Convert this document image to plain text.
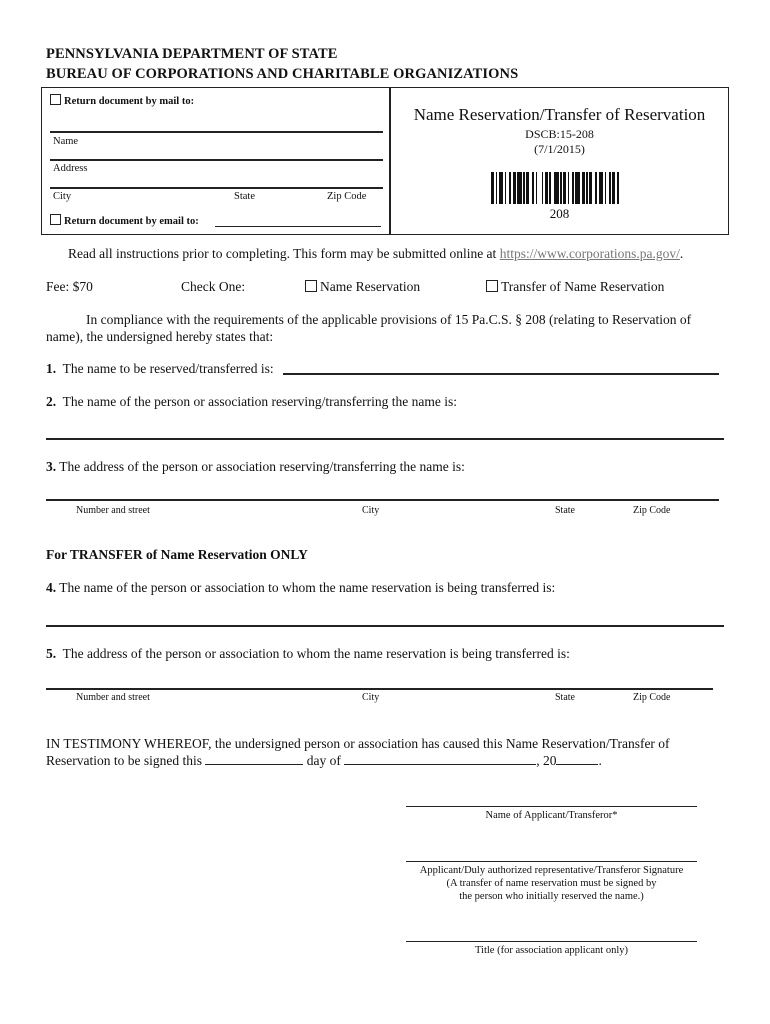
PENNSYLVANIA DEPARTMENT OF STATE
BUREAU OF CORPORATIONS AND CHARITABLE ORGANIZATIONS
Return document by mail to:
Name
Address
City	State	Zip Code
Return document by email to:
Name Reservation/Transfer of Reservation
DSCB:15-208
(7/1/2015)
208
Read all instructions prior to completing. This form may be submitted online at https://www.corporations.pa.gov/.
Fee: $70	Check One:	Name Reservation	Transfer of Name Reservation
In compliance with the requirements of the applicable provisions of 15 Pa.C.S. § 208 (relating to Reservation of
name), the undersigned hereby states that:
1. The name to be reserved/transferred is:
2. The name of the person or association reserving/transferring the name is:
3. The address of the person or association reserving/transferring the name is:
Number and street	City	State	Zip Code
For TRANSFER of Name Reservation ONLY
4. The name of the person or association to whom the name reservation is being transferred is:
5. The address of the person or association to whom the name reservation is being transferred is:
Number and street	City	State	Zip Code
IN TESTIMONY WHEREOF, the undersigned person or association has caused this Name Reservation/Transfer of
Reservation to be signed this	day of	, 20	.
Name of Applicant/Transferor*
Applicant/Duly authorized representative/Transferor Signature
(A transfer of name reservation must be signed by
the person who initially reserved the name.)
Title (for association applicant only)
